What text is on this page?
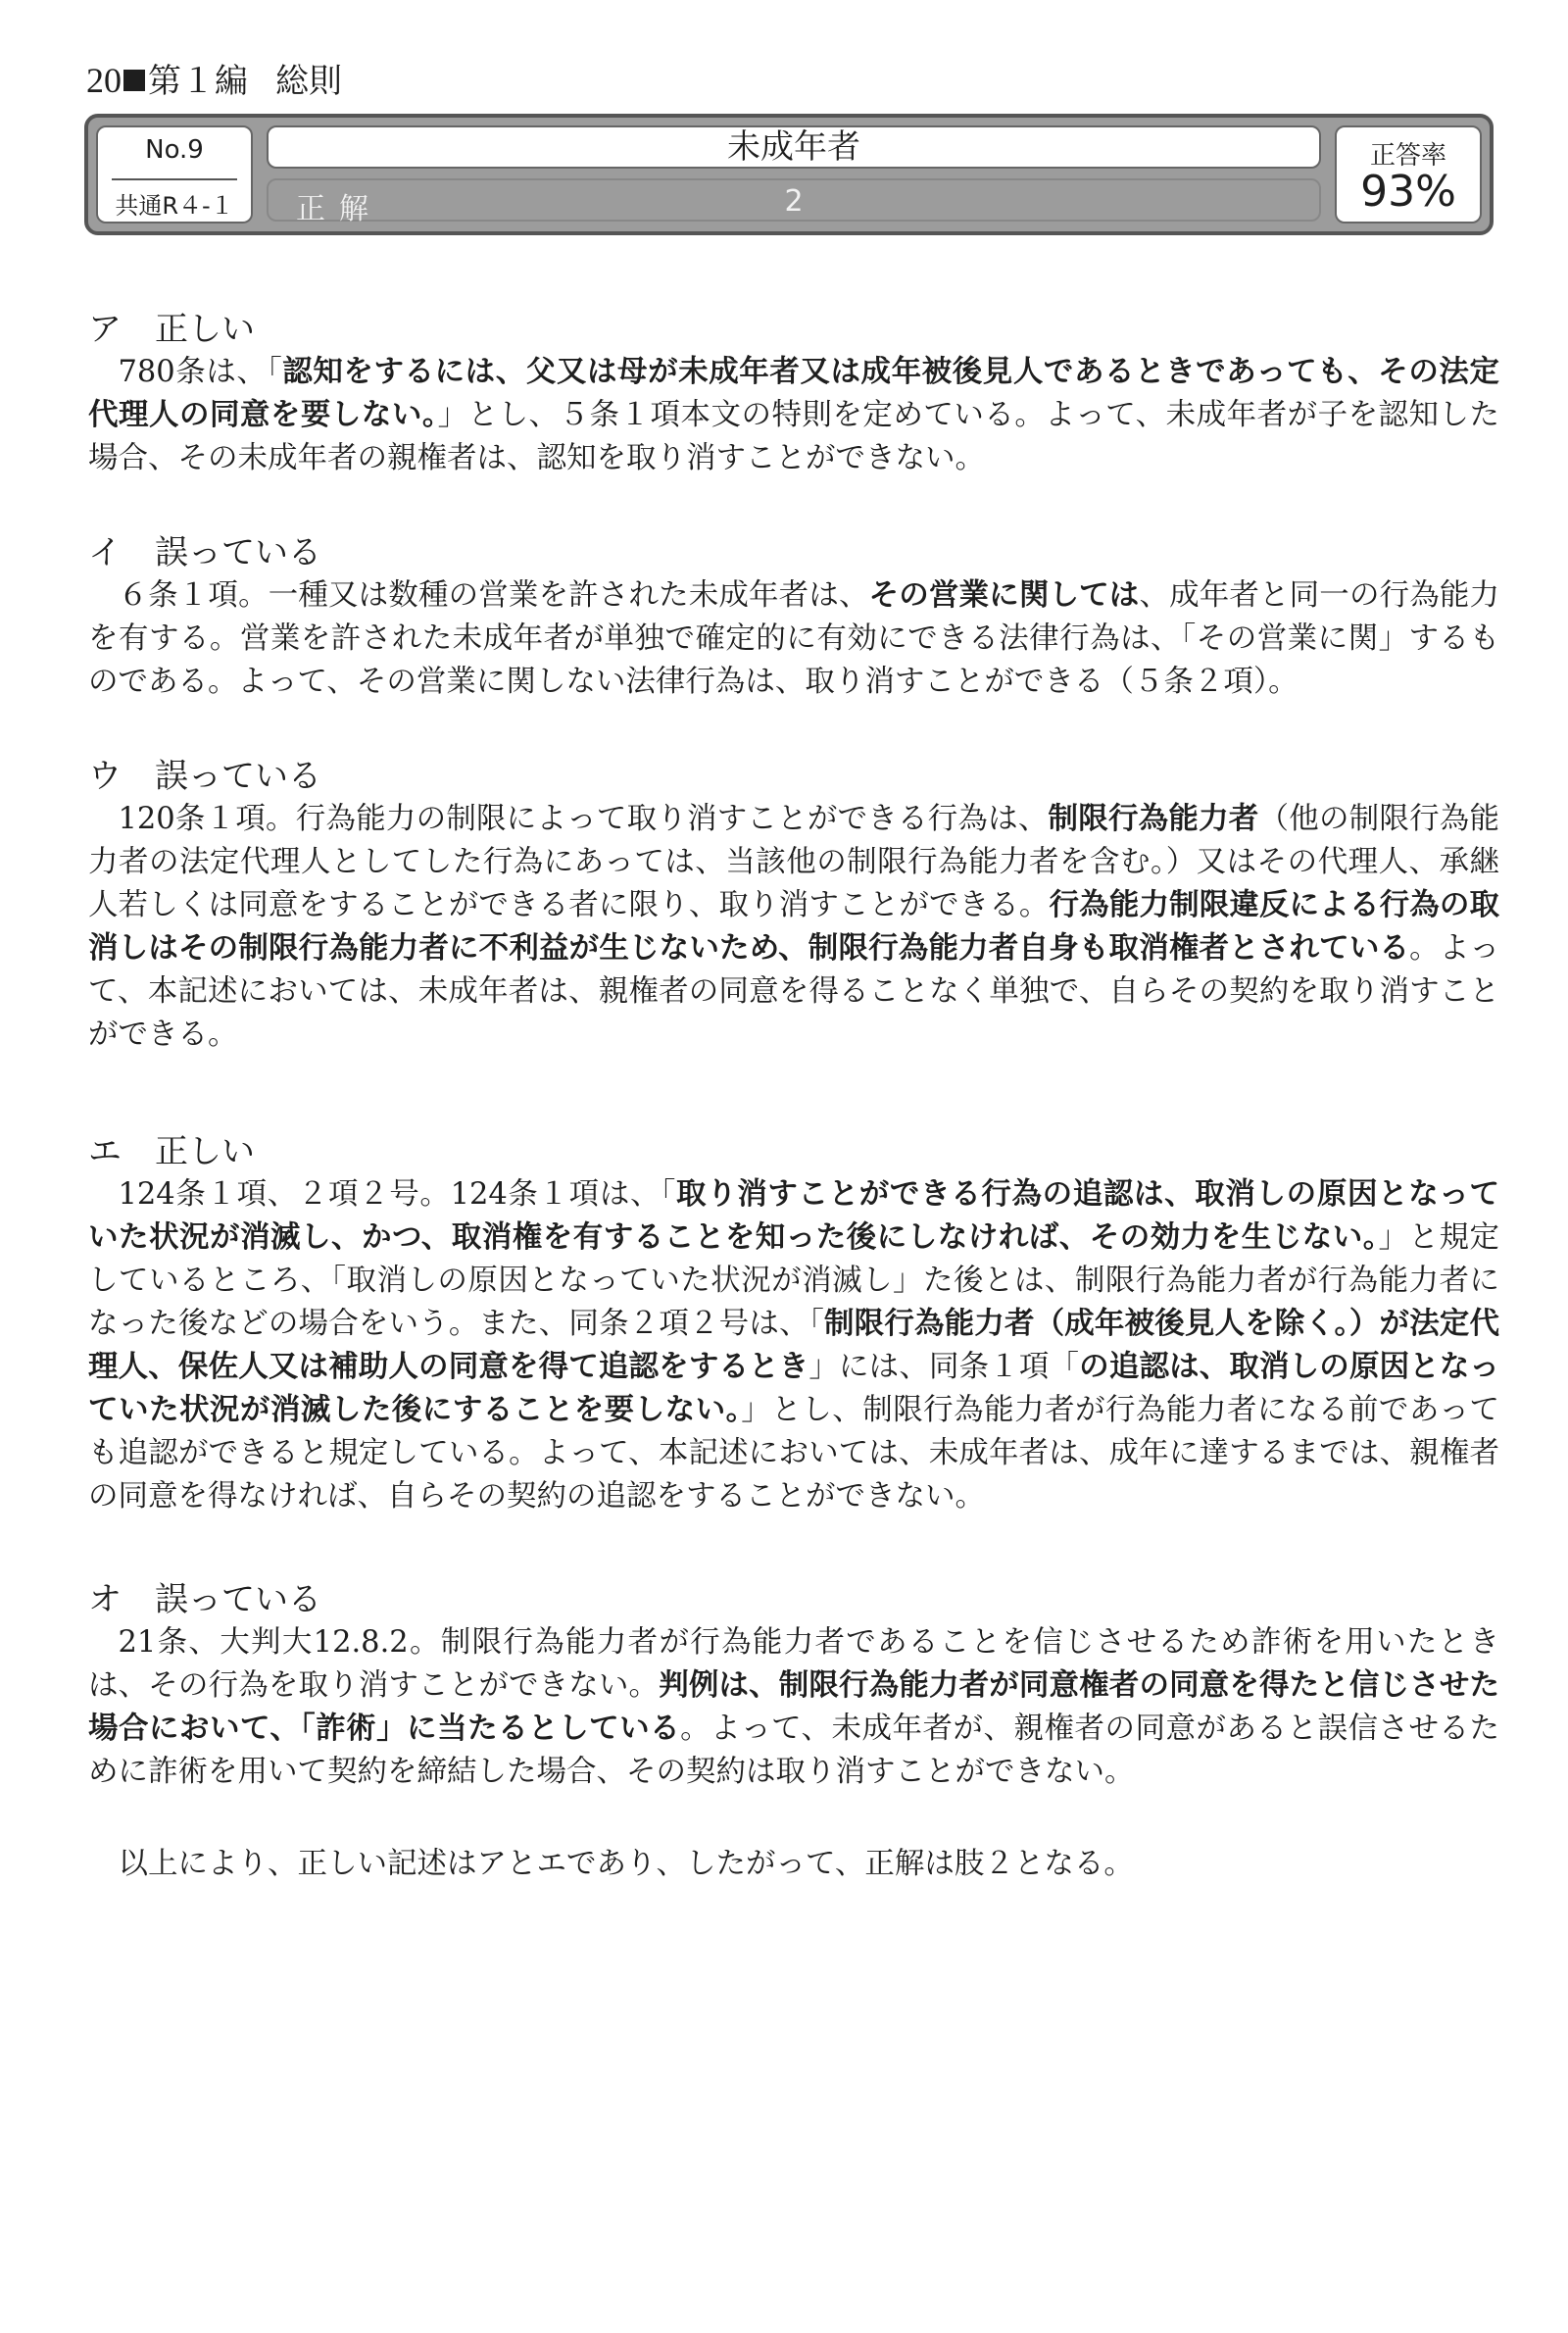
20 第１編 総則
No.9
共通R４-１
未成年者
正解	2
正答率
93%
ア　正しい

780条は、「認知をするには、父又は母が未成年者又は成年被後見人であるときであっても、その法定代理人の同意を要しない。」とし、５条１項本文の特則を定めている。よって、未成年者が子を認知した場合、その未成年者の親権者は、認知を取り消すことができない。

イ　誤っている

６条１項。一種又は数種の営業を許された未成年者は、その営業に関しては、成年者と同一の行為能力を有する。営業を許された未成年者が単独で確定的に有効にできる法律行為は、「その営業に関」するものである。よって、その営業に関しない法律行為は、取り消すことができる（５条２項）。

ウ　誤っている

120条１項。行為能力の制限によって取り消すことができる行為は、制限行為能力者（他の制限行為能力者の法定代理人としてした行為にあっては、当該他の制限行為能力者を含む。）又はその代理人、承継人若しくは同意をすることができる者に限り、取り消すことができる。行為能力制限違反による行為の取消しはその制限行為能力者に不利益が生じないため、制限行為能力者自身も取消権者とされている。よって、本記述においては、未成年者は、親権者の同意を得ることなく単独で、自らその契約を取り消すことができる。

エ　正しい

124条１項、２項２号。124条１項は、「取り消すことができる行為の追認は、取消しの原因となっていた状況が消滅し、かつ、取消権を有することを知った後にしなければ、その効力を生じない。」と規定しているところ、「取消しの原因となっていた状況が消滅し」た後とは、制限行為能力者が行為能力者になった後などの場合をいう。また、同条２項２号は、「制限行為能力者（成年被後見人を除く。）が法定代理人、保佐人又は補助人の同意を得て追認をするとき」には、同条１項「の追認は、取消しの原因となっていた状況が消滅した後にすることを要しない。」とし、制限行為能力者が行為能力者になる前であっても追認ができると規定している。よって、本記述においては、未成年者は、成年に達するまでは、親権者の同意を得なければ、自らその契約の追認をすることができない。

オ　誤っている

21条、大判大12.8.2。制限行為能力者が行為能力者であることを信じさせるため詐術を用いたときは、その行為を取り消すことができない。判例は、制限行為能力者が同意権者の同意を得たと信じさせた場合において、「詐術」に当たるとしている。よって、未成年者が、親権者の同意があると誤信させるために詐術を用いて契約を締結した場合、その契約は取り消すことができない。

以上により、正しい記述はアとエであり、したがって、正解は肢２となる。
